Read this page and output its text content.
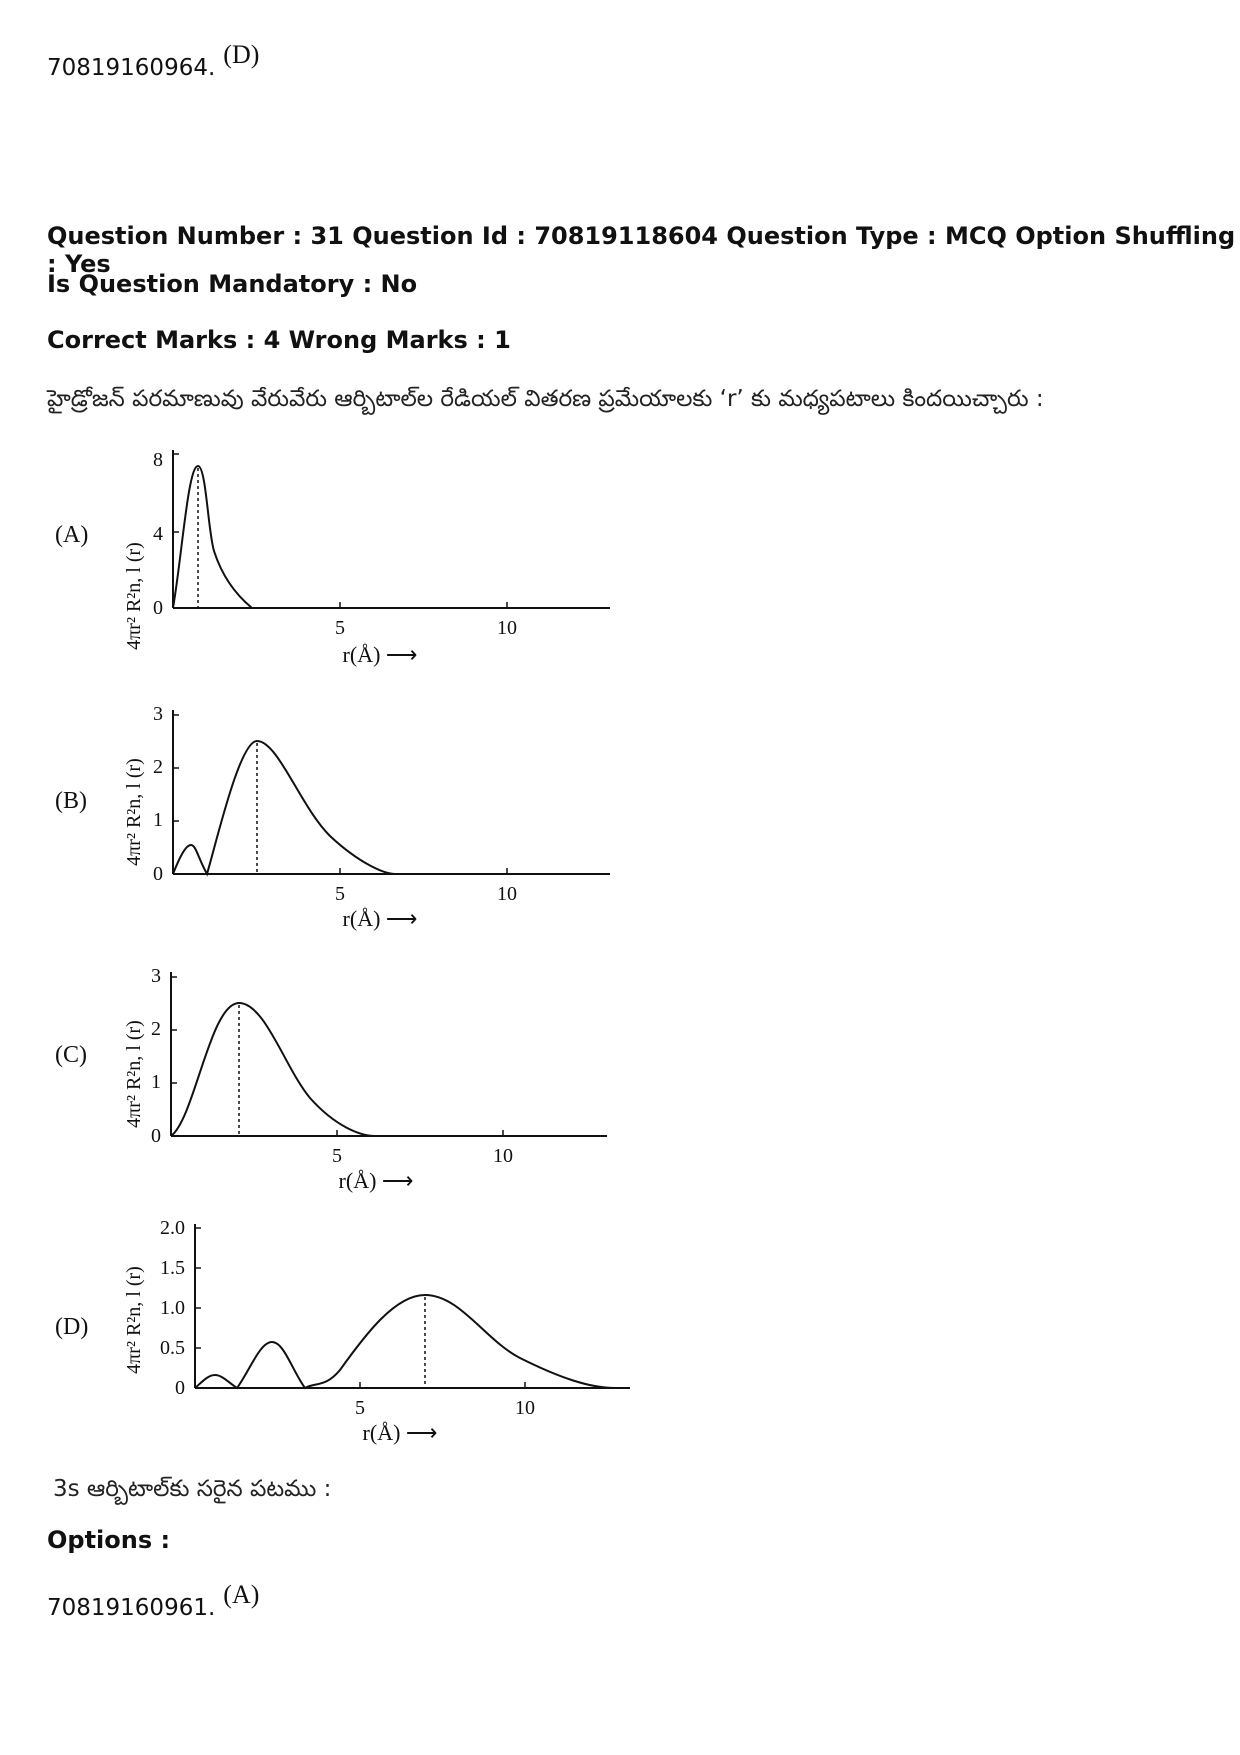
70819160964. (D)
Question Number : 31 Question Id : 70819118604 Question Type : MCQ Option Shuffling : Yes
Is Question Mandatory : No
Correct Marks : 4 Wrong Marks : 1
హైడ్రోజన్ పరమాణువు వేరువేరు ఆర్బిటాల్‌ల రేడియల్ వితరణ ప్రమేయాలకు ‘r’ కు మధ్యపటాలు కిందయిచ్చారు :
(A)
4πr² R²n, l (r) 0
4
8
5	10
r(Å) ⟶
(B) 4πr² R²n, l (r)
0
1
2
3
5	10
r(Å) ⟶
(C) 4πr² R²n, l (r)
0
1
2
3
5	10
r(Å) ⟶
(D) 4πr² R²n, l (r)
0
0.5
1.0
1.5
2.0
5	10
r(Å) ⟶
3s ఆర్బిటాల్‌కు సరైన పటము :
Options :
70819160961. (A)
